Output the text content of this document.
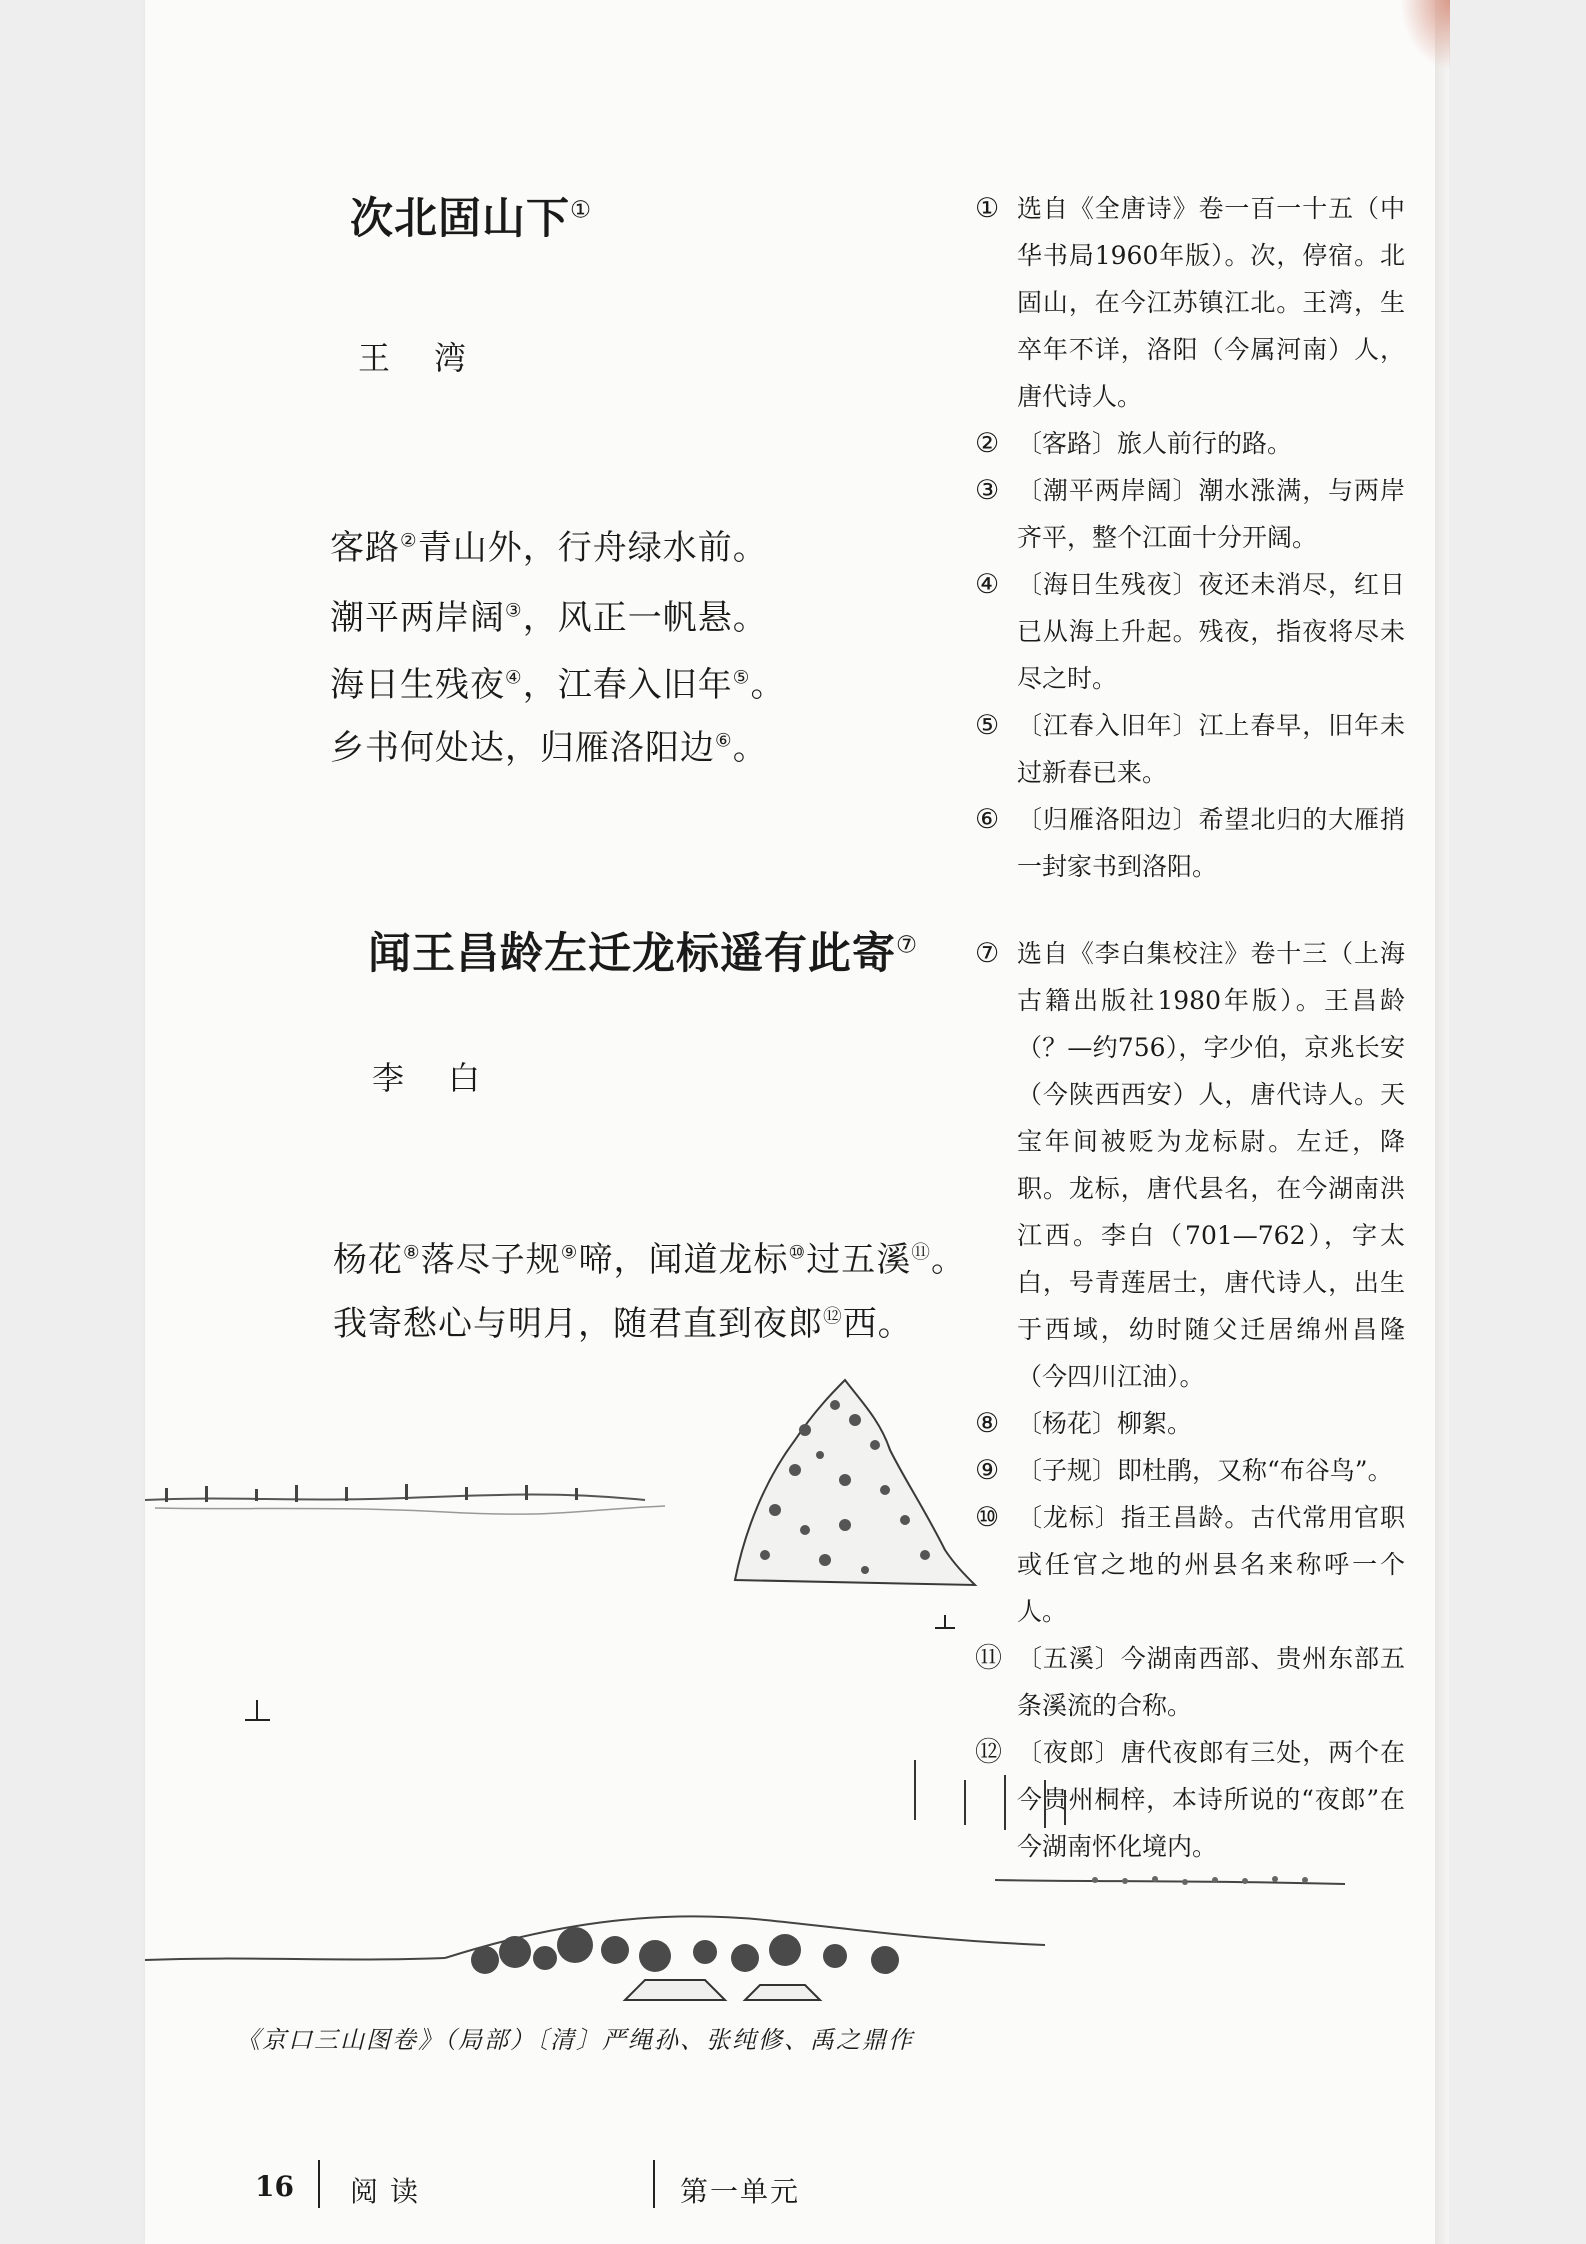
次北固山下①
王湾
客路②青山外，行舟绿水前。
潮平两岸阔③，风正一帆悬。
海日生残夜④，江春入旧年⑤。
乡书何处达，归雁洛阳边⑥。
闻王昌龄左迁龙标遥有此寄⑦
李白
杨花⑧落尽子规⑨啼，闻道龙标⑩过五溪⑪。
我寄愁心与明月，随君直到夜郎⑫西。
① 选自《全唐诗》卷一百一十五（中华书局1960年版）。次，停宿。北固山，在今江苏镇江北。王湾，生卒年不详，洛阳（今属河南）人，唐代诗人。
② 〔客路〕旅人前行的路。
③ 〔潮平两岸阔〕潮水涨满，与两岸齐平，整个江面十分开阔。
④ 〔海日生残夜〕夜还未消尽，红日已从海上升起。残夜，指夜将尽未尽之时。
⑤ 〔江春入旧年〕江上春早，旧年未过新春已来。
⑥ 〔归雁洛阳边〕希望北归的大雁捎一封家书到洛阳。
⑦ 选自《李白集校注》卷十三（上海古籍出版社1980年版）。王昌龄（？—约756），字少伯，京兆长安（今陕西西安）人，唐代诗人。天宝年间被贬为龙标尉。左迁，降职。龙标，唐代县名，在今湖南洪江西。李白（701—762），字太白，号青莲居士，唐代诗人，出生于西域，幼时随父迁居绵州昌隆（今四川江油）。
⑧ 〔杨花〕柳絮。
⑨ 〔子规〕即杜鹃，又称“布谷鸟”。
⑩ 〔龙标〕指王昌龄。古代常用官职或任官之地的州县名来称呼一个人。
⑪ 〔五溪〕今湖南西部、贵州东部五条溪流的合称。
⑫ 〔夜郎〕唐代夜郎有三处，两个在今贵州桐梓，本诗所说的“夜郎”在今湖南怀化境内。
《京口三山图卷》（局部）〔清〕严绳孙、张纯修、禹之鼎作
16 阅读	第一单元
